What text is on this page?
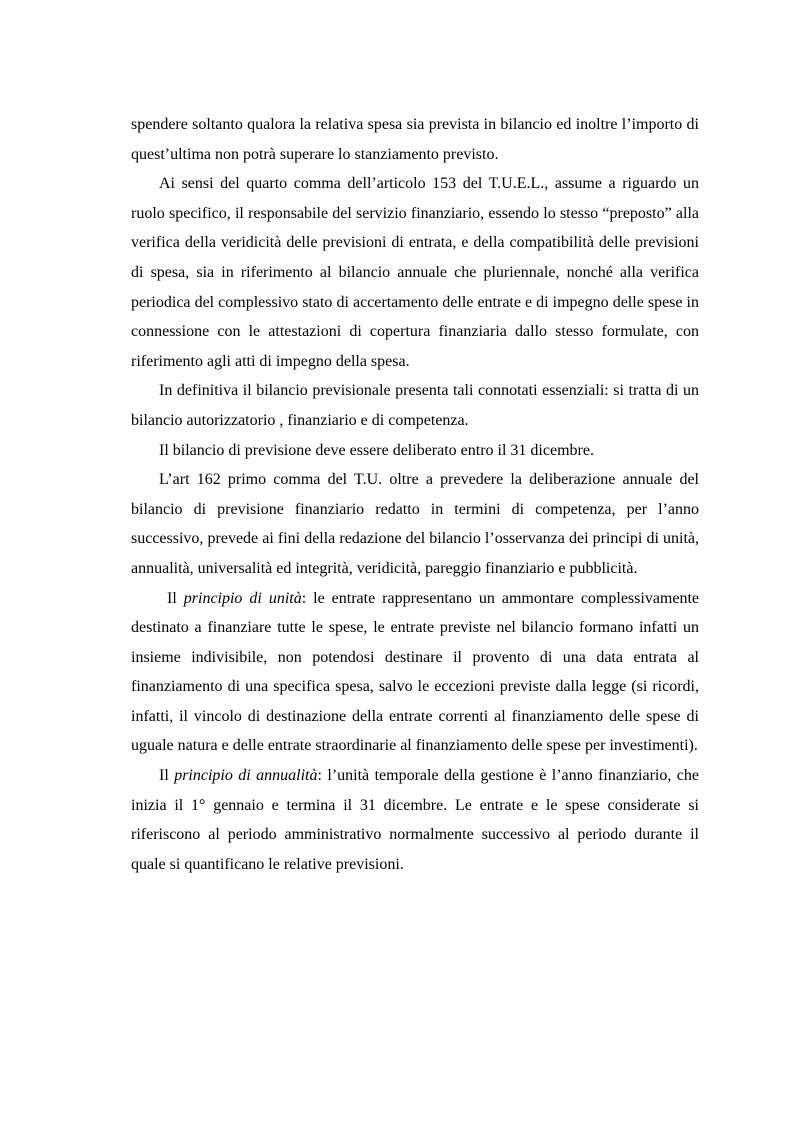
spendere soltanto qualora la relativa spesa sia prevista in bilancio ed inoltre l’importo di quest’ultima non potrà superare lo stanziamento previsto.

Ai sensi del quarto comma dell’articolo 153 del T.U.E.L., assume a riguardo un ruolo specifico, il responsabile del servizio finanziario, essendo lo stesso “preposto” alla verifica della veridicità delle previsioni di entrata, e della compatibilità delle previsioni di spesa, sia in riferimento al bilancio annuale che pluriennale, nonché alla verifica periodica del complessivo stato di accertamento delle entrate e di impegno delle spese in connessione con le attestazioni di copertura finanziaria dallo stesso formulate, con riferimento agli atti di impegno della spesa.

In definitiva il bilancio previsionale presenta tali connotati essenziali: si tratta di un bilancio autorizzatorio , finanziario e di competenza.

Il bilancio di previsione deve essere deliberato entro il 31 dicembre.

L’art 162 primo comma del T.U. oltre a prevedere la deliberazione annuale del bilancio di previsione finanziario redatto in termini di competenza, per l’anno successivo, prevede ai fini della redazione del bilancio l’osservanza dei principi di unità, annualità, universalità ed integrità, veridicità, pareggio finanziario e pubblicità.

Il principio di unità: le entrate rappresentano un ammontare complessivamente destinato a finanziare tutte le spese, le entrate previste nel bilancio formano infatti un insieme indivisibile, non potendosi destinare il provento di una data entrata al finanziamento di una specifica spesa, salvo le eccezioni previste dalla legge (si ricordi, infatti, il vincolo di destinazione della entrate correnti al finanziamento delle spese di uguale natura e delle entrate straordinarie al finanziamento delle spese per investimenti).

Il principio di annualità: l’unità temporale della gestione è l’anno finanziario, che inizia il 1° gennaio e termina il 31 dicembre. Le entrate e le spese considerate si riferiscono al periodo amministrativo normalmente successivo al periodo durante il quale si quantificano le relative previsioni.
